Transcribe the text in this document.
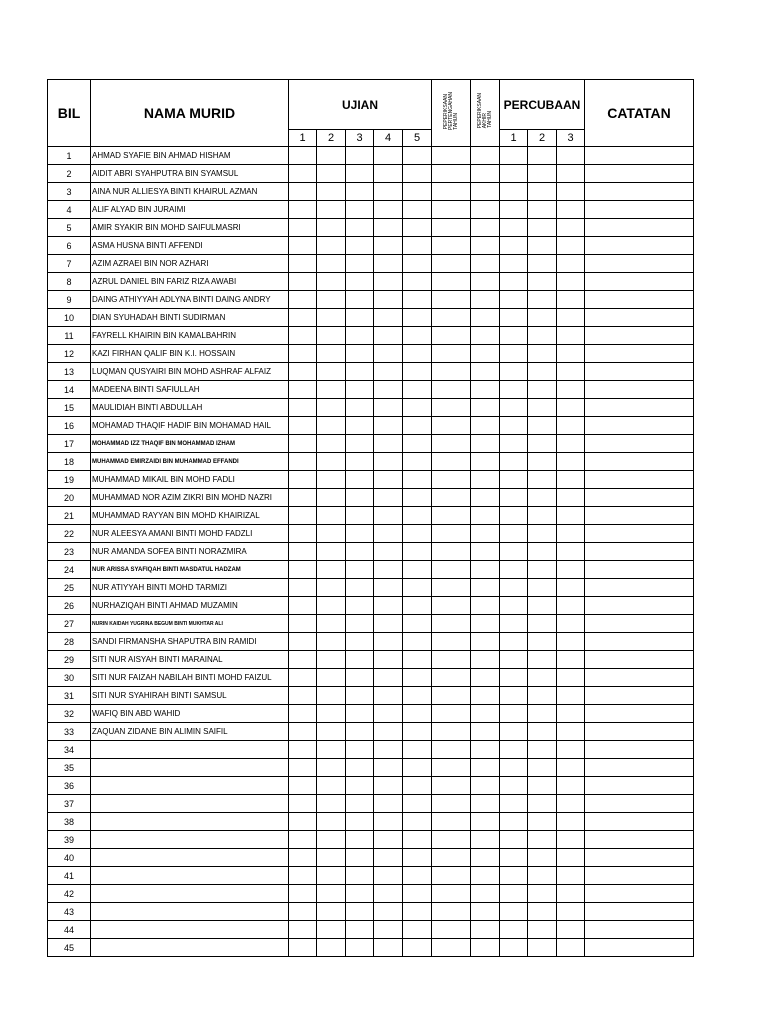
BIL	NAMA MURID	UJIAN					PEPERIKSAANPERTENGAHANTAHUN	PEPERIKSAANAKHIRTAHUN	PERCUBAAN			CATATAN
		1	2	3	4	5			1	2	3	
1	AHMAD SYAFIE BIN AHMAD HISHAM											
2	AIDIT ABRI SYAHPUTRA BIN SYAMSUL											
3	AINA NUR ALLIESYA BINTI KHAIRUL AZMAN											
4	ALIF ALYAD BIN JURAIMI											
5	AMIR SYAKIR BIN MOHD SAIFULMASRI											
6	ASMA HUSNA BINTI AFFENDI											
7	AZIM AZRAEI BIN NOR AZHARI											
8	AZRUL DANIEL BIN FARIZ RIZA AWABI											
9	DAING ATHIYYAH ADLYNA BINTI DAING ANDRY											
10	DIAN SYUHADAH BINTI SUDIRMAN											
11	FAYRELL KHAIRIN BIN KAMALBAHRIN											
12	KAZI FIRHAN QALIF BIN K.I. HOSSAIN											
13	LUQMAN QUSYAIRI BIN MOHD ASHRAF ALFAIZ											
14	MADEENA BINTI SAFIULLAH											
15	MAULIDIAH BINTI ABDULLAH											
16	MOHAMAD THAQIF HADIF BIN MOHAMAD HAIL											
17	MOHAMMAD IZZ THAQIF BIN MOHAMMAD IZHAM											
18	MUHAMMAD EMIRZAIDI BIN MUHAMMAD EFFANDI											
19	MUHAMMAD MIKAIL BIN MOHD FADLI											
20	MUHAMMAD NOR AZIM ZIKRI BIN MOHD NAZRI											
21	MUHAMMAD RAYYAN BIN MOHD KHAIRIZAL											
22	NUR ALEESYA AMANI BINTI MOHD FADZLI											
23	NUR AMANDA SOFEA BINTI NORAZMIRA											
24	NUR ARISSA SYAFIQAH BINTI MASDATUL HADZAM											
25	NUR ATIYYAH BINTI MOHD TARMIZI											
26	NURHAZIQAH BINTI AHMAD MUZAMIN											
27	NURIN KAIDAH YUGRINA BEGUM BINTI MUKHTAR ALI											
28	SANDI FIRMANSHA SHAPUTRA BIN RAMIDI											
29	SITI NUR AISYAH BINTI MARAINAL											
30	SITI NUR FAIZAH NABILAH BINTI MOHD FAIZUL											
31	SITI NUR SYAHIRAH BINTI SAMSUL											
32	WAFIQ BIN ABD WAHID											
33	ZAQUAN ZIDANE BIN ALIMIN SAIFIL											
34												
35												
36												
37												
38												
39												
40												
41												
42												
43												
44												
45												
